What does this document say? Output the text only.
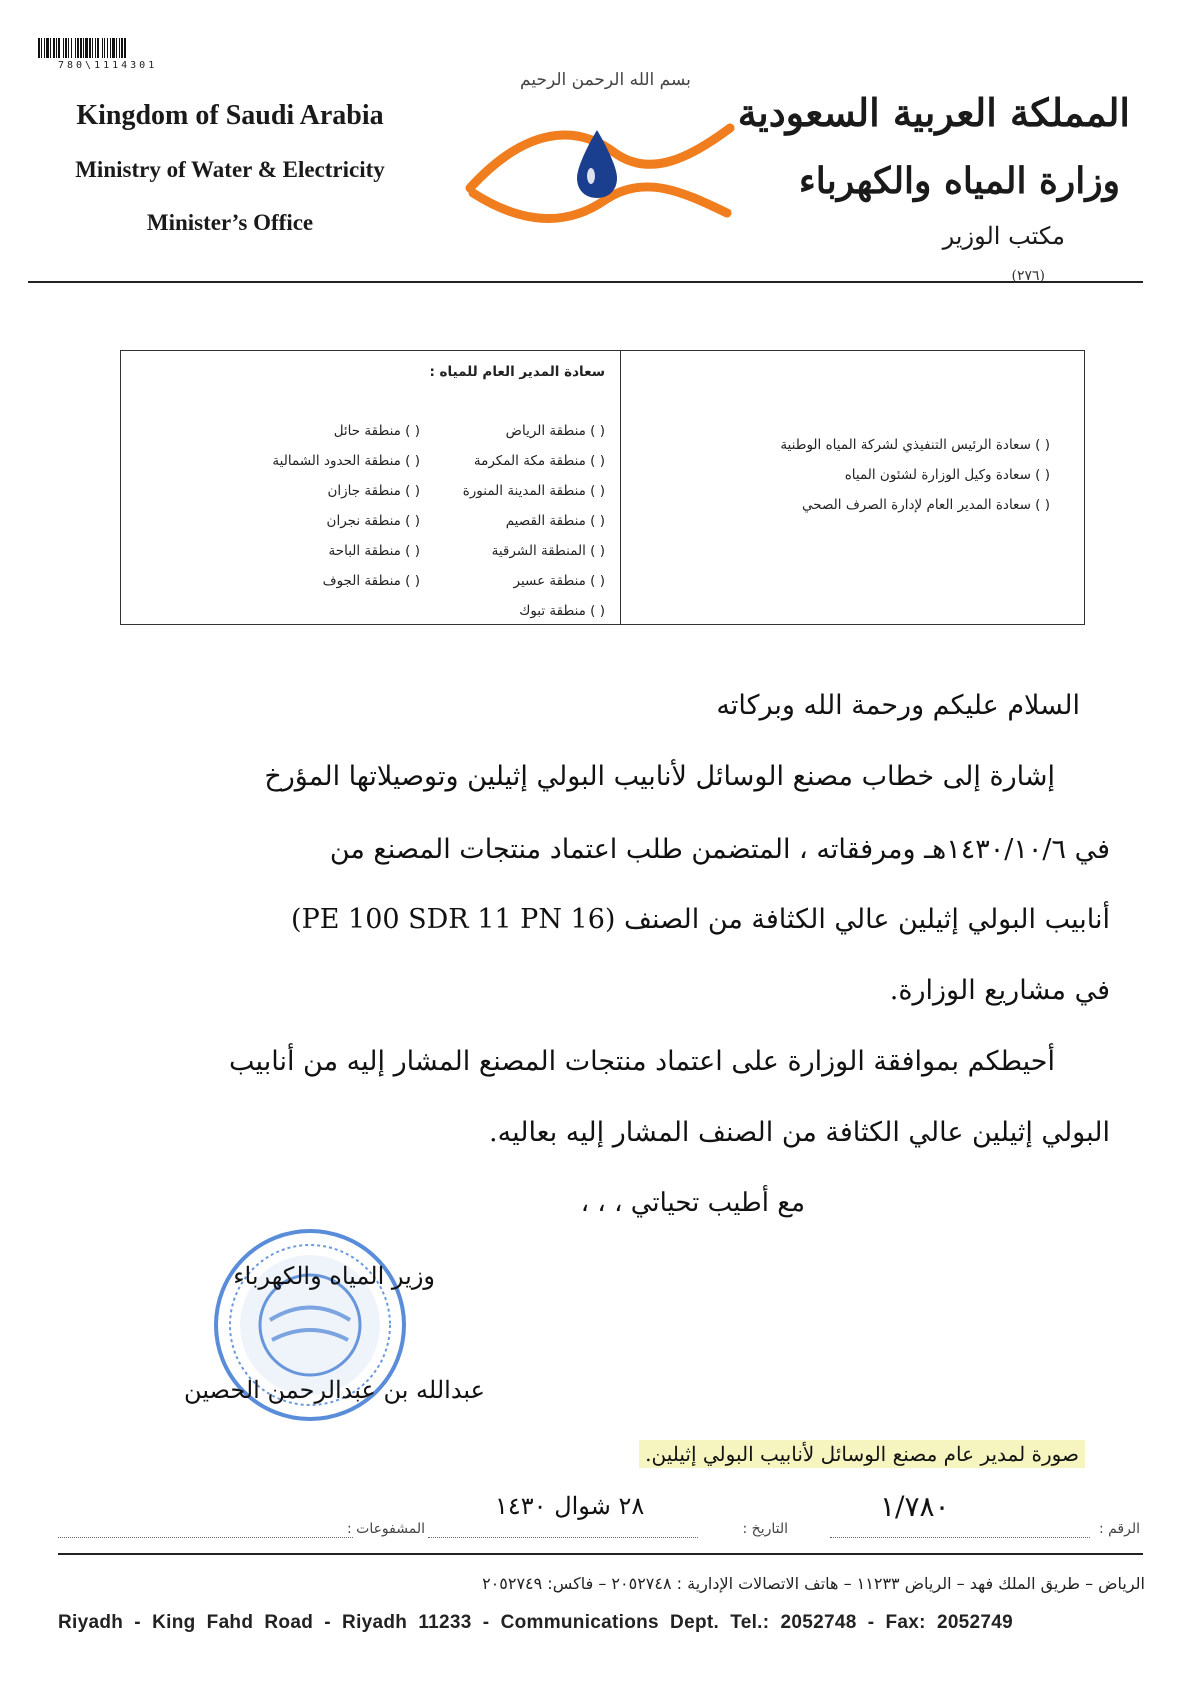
780\1114301
Kingdom of Saudi Arabia
Ministry of Water & Electricity
Minister’s Office
بسم الله الرحمن الرحيم
المملكة العربية السعودية
وزارة المياه والكهرباء
مكتب الوزير
(٢٧٦)
سعادة المدير العام للمياه :
( ) سعادة الرئيس التنفيذي لشركة المياه الوطنية
( ) سعادة وكيل الوزارة لشئون المياه
( ) سعادة المدير العام لإدارة الصرف الصحي
( ) منطقة الرياض
( ) منطقة مكة المكرمة
( ) منطقة المدينة المنورة
( ) منطقة القصيم
( ) المنطقة الشرقية
( ) منطقة عسير
( ) منطقة تبوك
( ) منطقة حائل
( ) منطقة الحدود الشمالية
( ) منطقة جازان
( ) منطقة نجران
( ) منطقة الباحة
( ) منطقة الجوف
السلام عليكم ورحمة الله وبركاته
إشارة إلى خطاب مصنع الوسائل لأنابيب البولي إثيلين وتوصيلاتها المؤرخ
في ١٤٣٠/١٠/٦هـ ومرفقاته ، المتضمن طلب اعتماد منتجات المصنع من
أنابيب البولي إثيلين عالي الكثافة من الصنف (PE 100 SDR 11 PN 16)
في مشاريع الوزارة.
أحيطكم بموافقة الوزارة على اعتماد منتجات المصنع المشار إليه من أنابيب
البولي إثيلين عالي الكثافة من الصنف المشار إليه بعاليه.
مع أطيب تحياتي ، ، ،
وزير المياه والكهرباء
عبدالله بن عبدالرحمن الحصين
صورة لمدير عام مصنع الوسائل لأنابيب البولي إثيلين.
الرقم :
١/٧٨٠
التاريخ :
٢٨ شوال ١٤٣٠
المشفوعات :
الرياض – طريق الملك فهد – الرياض ١١٢٣٣ – هاتف الاتصالات الإدارية : ٢٠٥٢٧٤٨ – فاكس: ٢٠٥٢٧٤٩
Riyadh  -  King  Fahd  Road  -  Riyadh  11233  -  Communications  Dept.  Tel.:  2052748  -  Fax:  2052749
